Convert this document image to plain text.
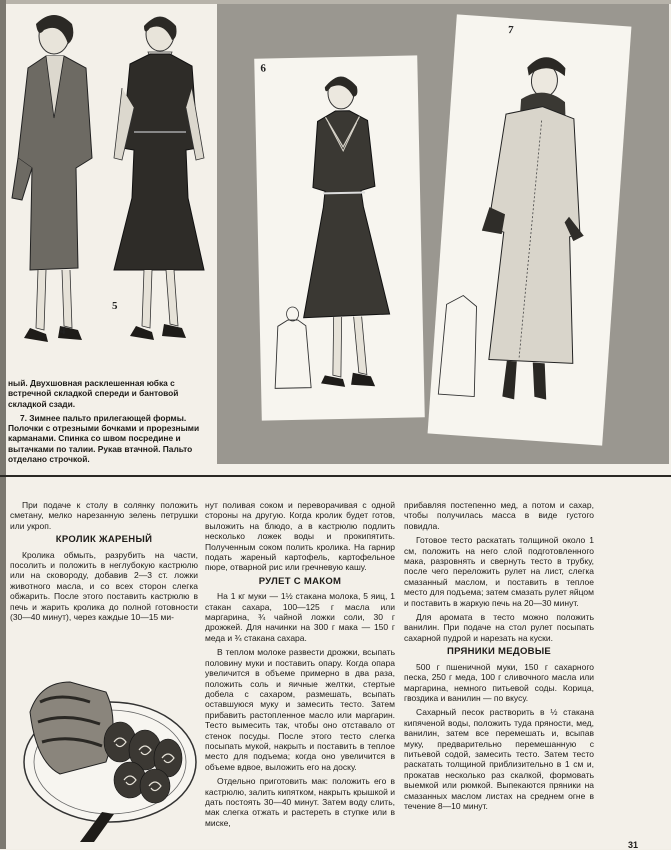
4
5
6
7

ный. Двухшовная расклешенная юбка с встречной складкой спереди и бантовой складкой сзади.

7. Зимнее пальто прилегающей формы. Полочки с отрезными бочками и прорезными карманами. Спинка со швом посредине и вытачками по талии. Рукав втачной. Пальто отделано строчкой.

При подаче к столу в солянку положить сметану, мелко нарезанную зелень петрушки или укроп.

КРОЛИК ЖАРЕНЫЙ

Кролика обмыть, разрубить на части, посолить и положить в неглубокую кастрюлю или на сковороду, добавив 2—3 ст. ложки животного масла, и со всех сторон слегка обжарить. После этого поставить кастрюлю в печь и жарить кролика до полной готовности (30—40 минут), через каждые 10—15 ми-

нут поливая соком и переворачивая с одной стороны на другую. Когда кролик будет готов, выложить на блюдо, а в кастрюлю подлить несколько ложек воды и прокипятить. Полученным соком полить кролика. На гарнир подать жареный картофель, картофельное пюре, отварной рис или гречневую кашу.

РУЛЕТ С МАКОМ

На 1 кг муки — 1½ стакана молока, 5 яиц, 1 стакан сахара, 100—125 г масла или маргарина, ¾ чайной ложки соли, 30 г дрожжей. Для начинки на 300 г мака — 150 г меда и ¾ стакана сахара.

В теплом молоке развести дрожжи, всыпать половину муки и поставить опару. Когда опара увеличится в объеме примерно в два раза, положить соль и яичные желтки, стертые добела с сахаром, размешать, всыпать оставшуюся муку и замесить тесто. Затем прибавить растопленное масло или маргарин. Тесто вымесить так, чтобы оно отставало от стенок посуды. После этого тесто слегка посыпать мукой, накрыть и поставить в теплое место для подъема; когда оно увеличится в объеме вдвое, выложить его на доску.

Отдельно приготовить мак: положить его в кастрюлю, залить кипятком, накрыть крышкой и дать постоять 30—40 минут. Затем воду слить, мак слегка отжать и растереть в ступке или в миске,

прибавляя постепенно мед, а потом и сахар, чтобы получилась масса в виде густого повидла.

Готовое тесто раскатать толщиной около 1 см, положить на него слой подготовленного мака, разровнять и свернуть тесто в трубку, после чего переложить рулет на лист, слегка смазанный маслом, и поставить в теплое место для подъема; затем смазать рулет яйцом и поставить в жаркую печь на 20—30 минут.

Для аромата в тесто можно положить ванилин. При подаче на стол рулет посыпать сахарной пудрой и нарезать на куски.

ПРЯНИКИ МЕДОВЫЕ

500 г пшеничной муки, 150 г сахарного песка, 250 г меда, 100 г сливочного масла или маргарина, немного питьевой соды. Корица, гвоздика и ванилин — по вкусу.

Сахарный песок растворить в ½ стакана кипяченой воды, положить туда пряности, мед, ванилин, затем все перемешать и, всыпав муку, предварительно перемешанную с питьевой содой, замесить тесто. Затем тесто раскатать толщиной приблизительно в 1 см и, прокатав несколько раз скалкой, формовать выемкой или рюмкой. Выпекаются пряники на смазанных маслом листах на среднем огне в течение 8—10 минут.

31
